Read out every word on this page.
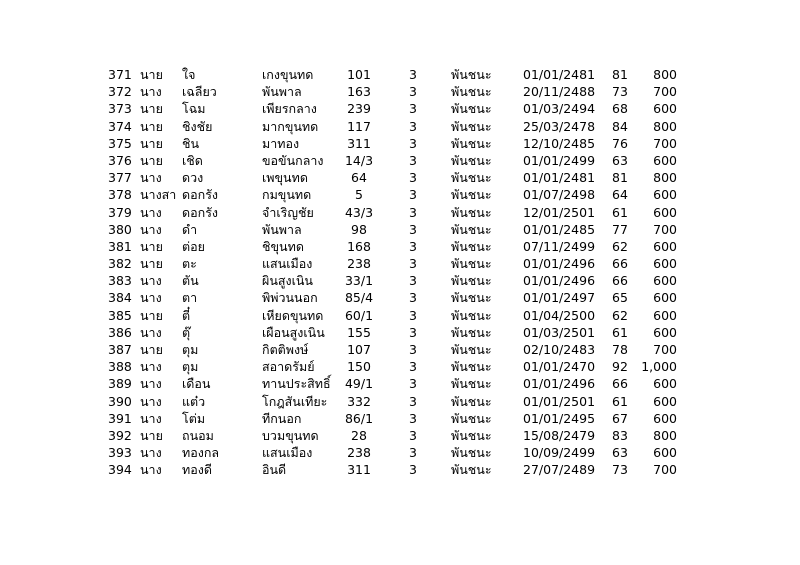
371 นาย ใจ	เกงขุนทด	101	3	พันชนะ	01/01/2481 81	800
372 นาง เฉลียว	พันพาล	163	3	พันชนะ	20/11/2488 73	700
373 นาย โฉม	เพียรกลาง	239	3	พันชนะ	01/03/2494 68	600
374 นาย ชิงชัย	มากขุนทด	117	3	พันชนะ	25/03/2478 84	800
375 นาย ชิน	มาทอง	311	3	พันชนะ	12/10/2485 76	700
376 นาย เชิด	ขอขันกลาง	14/3	3	พันชนะ	01/01/2499 63	600
377 นาง ดวง	เพขุนทด	64	3	พันชนะ	01/01/2481 81	800
378 นางสา ดอกรัง	กมขุนทด	5	3	พันชนะ	01/07/2498 64	600
379 นาง ดอกรัง	จำเริญชัย	43/3	3	พันชนะ	12/01/2501 61	600
380 นาง ดำ	พันพาล	98	3	พันชนะ	01/01/2485 77	700
381 นาย ต่อย	ชิขุนทด	168	3	พันชนะ	07/11/2499 62	600
382 นาย ตะ	แสนเมือง	238	3	พันชนะ	01/01/2496 66	600
383 นาง ตัน	ผินสูงเนิน	33/1	3	พันชนะ	01/01/2496 66	600
384 นาง ตา	พิพ่วนนอก	85/4	3	พันชนะ	01/01/2497 65	600
385 นาย ตี๋	เหียดขุนทด	60/1	3	พันชนะ	01/04/2500 62	600
386 นาง ตุ๊	เผือนสูงเนิน	155	3	พันชนะ	01/03/2501 61	600
387 นาย ตุม	กิตติพงษ์	107	3	พันชนะ	02/10/2483 78	700
388 นาง ตุม	สอาดรัมย์	150	3	พันชนะ	01/01/2470 92	1,000
389 นาง เดือน	ทานประสิทธิ์	49/1	3	พันชนะ	01/01/2496 66	600
390 นาง แต๋ว	โกฎสันเทียะ	332	3	พันชนะ	01/01/2501 61	600
391 นาง โต่ม	ทีกนอก	86/1	3	พันชนะ	01/01/2495 67	600
392 นาย ถนอม	บวมขุนทด	28	3	พันชนะ	15/08/2479 83	800
393 นาง ทองกล	แสนเมือง	238	3	พันชนะ	10/09/2499 63	600
394 นาง ทองดี	อินดี	311	3	พันชนะ	27/07/2489 73	700
